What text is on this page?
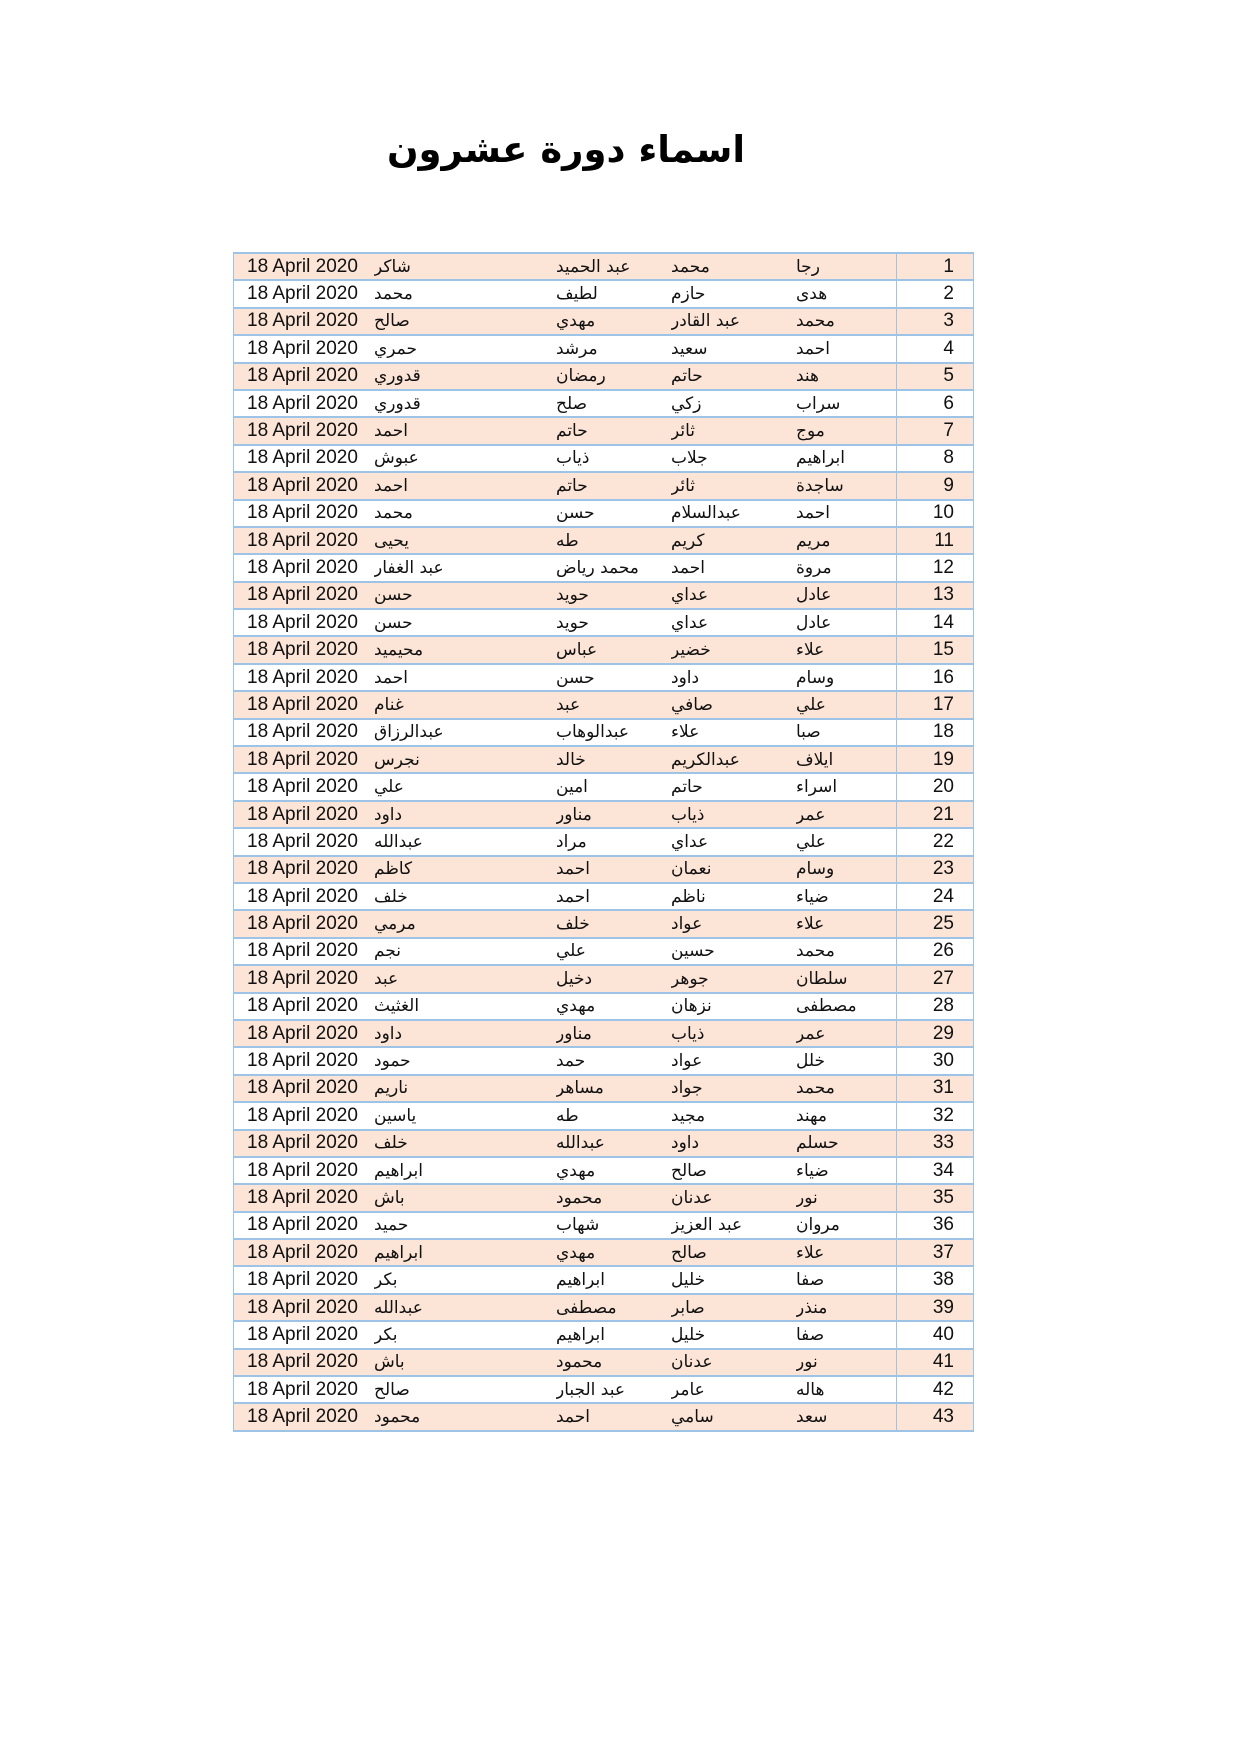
اسماء دورة عشرون
18 April 2020 شاكر	عبد الحميد	محمد	رجا	1
18 April 2020 محمد	لطيف	حازم	هدى	2
18 April 2020 صالح	مهدي	عبد القادر	محمد	3
18 April 2020 حمري	مرشد	سعيد	احمد	4
18 April 2020 قدوري	رمضان	حاتم	هند	5
18 April 2020 قدوري	صلح	زكي	سراب	6
18 April 2020 احمد	حاتم	ثائر	موج	7
18 April 2020 عبوش	ذياب	جلاب	ابراهيم	8
18 April 2020 احمد	حاتم	ثائر	ساجدة	9
18 April 2020 محمد	حسن	عبدالسلام	احمد	10
18 April 2020 يحيى	طه	كريم	مريم	11
18 April 2020 عبد الغفار	محمد رياض	احمد	مروة	12
18 April 2020 حسن	حويد	عداي	عادل	13
18 April 2020 حسن	حويد	عداي	عادل	14
18 April 2020 محيميد	عباس	خضير	علاء	15
18 April 2020 احمد	حسن	داود	وسام	16
18 April 2020 غنام	عبد	صافي	علي	17
18 April 2020 عبدالرزاق	عبدالوهاب	علاء	صبا	18
18 April 2020 نجرس	خالد	عبدالكريم	ايلاف	19
18 April 2020 علي	امين	حاتم	اسراء	20
18 April 2020 داود	مناور	ذياب	عمر	21
18 April 2020 عبدالله	مراد	عداي	علي	22
18 April 2020 كاظم	احمد	نعمان	وسام	23
18 April 2020 خلف	احمد	ناظم	ضياء	24
18 April 2020 مرمي	خلف	عواد	علاء	25
18 April 2020 نجم	علي	حسين	محمد	26
18 April 2020 عبد	دخيل	جوهر	سلطان	27
18 April 2020 الغثيث	مهدي	نزهان	مصطفى	28
18 April 2020 داود	مناور	ذياب	عمر	29
18 April 2020 حمود	حمد	عواد	خلل	30
18 April 2020 ناريم	مساهر	جواد	محمد	31
18 April 2020 ياسين	طه	مجيد	مهند	32
18 April 2020 خلف	عبدالله	داود	حسلم	33
18 April 2020 ابراهيم	مهدي	صالح	ضياء	34
18 April 2020 باش	محمود	عدنان	نور	35
18 April 2020 حميد	شهاب	عبد العزيز	مروان	36
18 April 2020 ابراهيم	مهدي	صالح	علاء	37
18 April 2020 بكر	ابراهيم	خليل	صفا	38
18 April 2020 عبدالله	مصطفى	صابر	منذر	39
18 April 2020 بكر	ابراهيم	خليل	صفا	40
18 April 2020 باش	محمود	عدنان	نور	41
18 April 2020 صالح	عبد الجبار	عامر	هاله	42
18 April 2020 محمود	احمد	سامي	سعد	43
